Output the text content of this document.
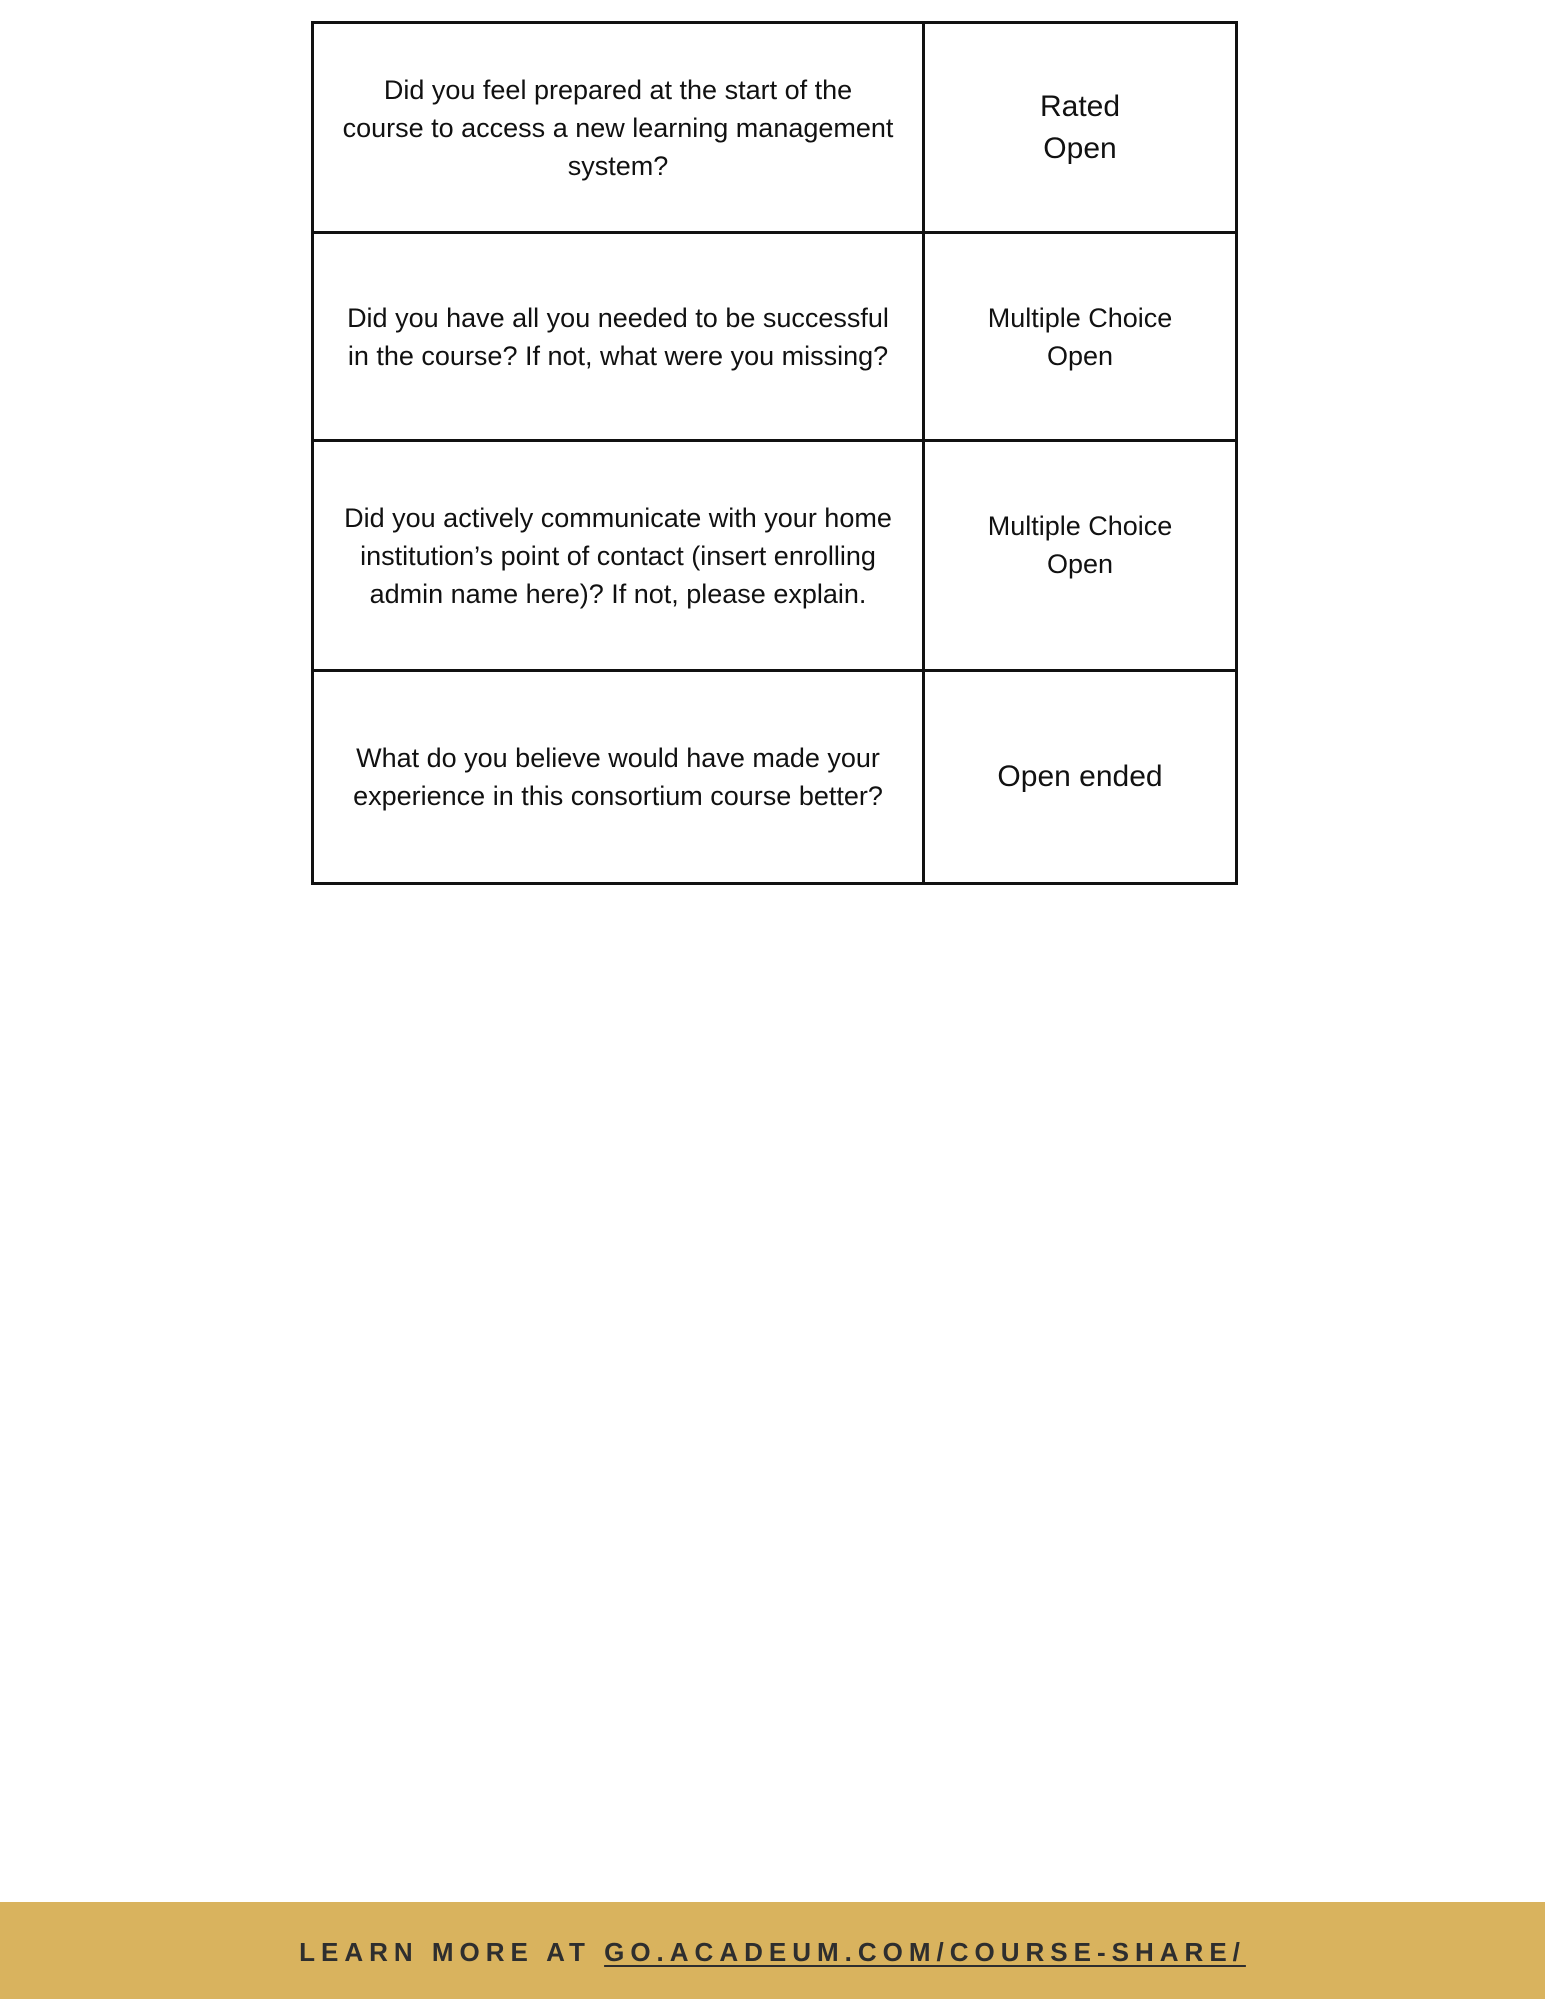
Did you feel prepared at the start of the course to access a new learning management system?	Rated
Open

Did you have all you needed to be successful in the course? If not, what were you missing?	Multiple Choice
Open

Did you actively communicate with your home institution’s point of contact (insert enrolling admin name here)? If not, please explain.	Multiple Choice
Open

What do you believe would have made your experience in this consortium course better?	Open ended
LEARN MORE AT GO.ACADEUM.COM/COURSE-SHARE/
